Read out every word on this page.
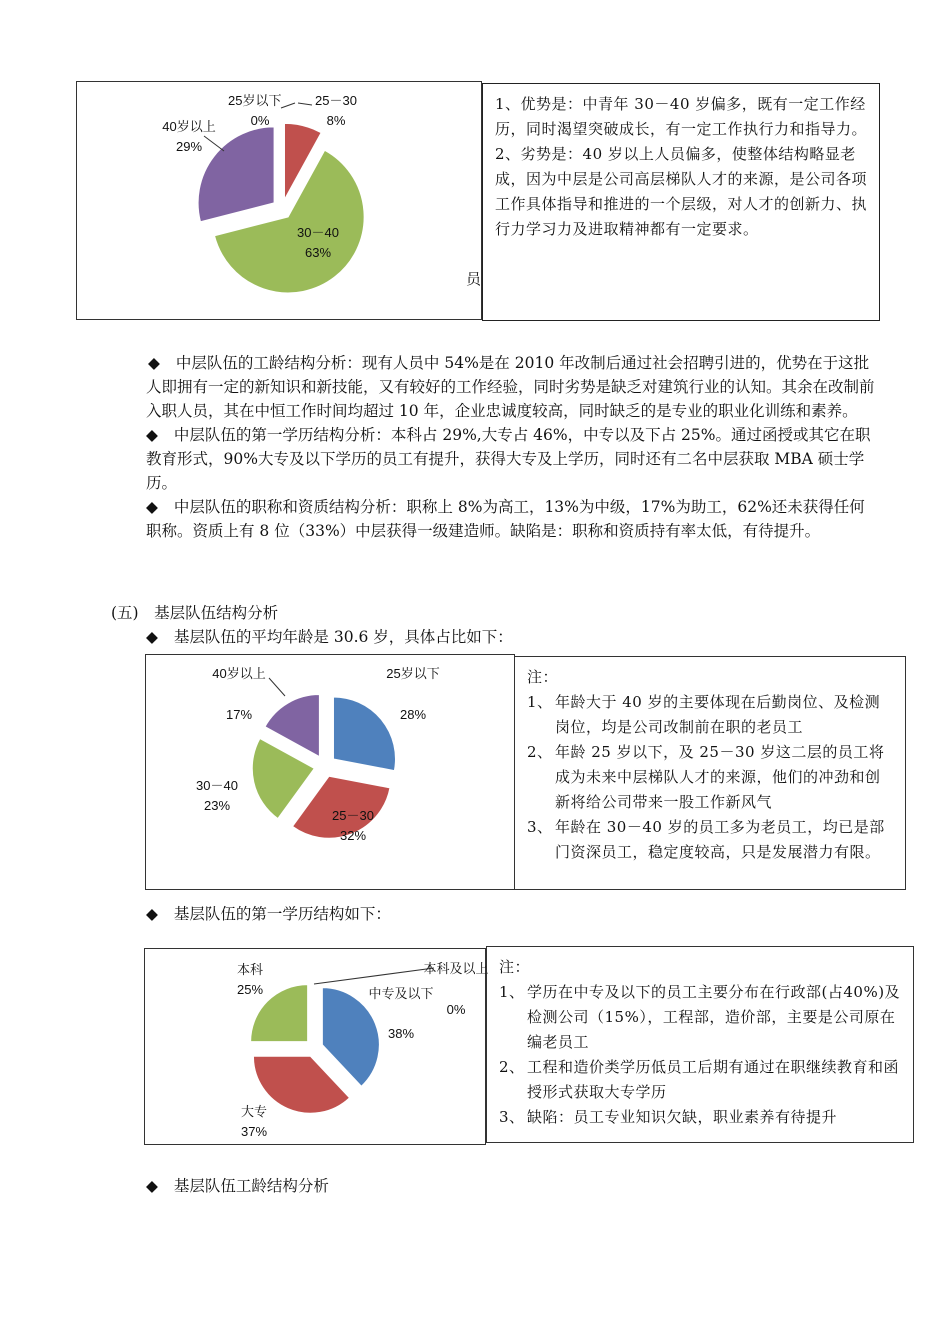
25岁以下
0%
25－30
8%
30－40
63%
40岁以上
29%
员
1、优势是：中青年 30－40 岁偏多，既有一定工作经历，同时渴望突破成长，有一定工作执行力和指导力。
2、劣势是：40 岁以上人员偏多，使整体结构略显老成，因为中层是公司高层梯队人才的来源，是公司各项工作具体指导和推进的一个层级，对人才的创新力、执行力学习力及进取精神都有一定要求。
◆ 中层队伍的工龄结构分析：现有人员中 54%是在 2010 年改制后通过社会招聘引进的，优势在于这批人即拥有一定的新知识和新技能，又有较好的工作经验，同时劣势是缺乏对建筑行业的认知。其余在改制前入职人员，其在中恒工作时间均超过 10 年，企业忠诚度较高，同时缺乏的是专业的职业化训练和素养。
◆ 中层队伍的第一学历结构分析：本科占 29%,大专占 46%，中专以及下占 25%。通过函授或其它在职教育形式，90%大专及以下学历的员工有提升，获得大专及上学历，同时还有二名中层获取 MBA 硕士学历。
◆ 中层队伍的职称和资质结构分析：职称上 8%为高工，13%为中级，17%为助工，62%还未获得任何职称。资质上有 8 位（33%）中层获得一级建造师。缺陷是：职称和资质持有率太低，有待提升。
(五)　基层队伍结构分析
◆ 基层队伍的平均年龄是 30.6 岁，具体占比如下：
25岁以下
28%
25－30
32%
30－40
23%
40岁以上
17%
注：
1、 年龄大于 40 岁的主要体现在后勤岗位、及检测岗位，均是公司改制前在职的老员工
2、 年龄 25 岁以下，及 25－30 岁这二层的员工将成为未来中层梯队人才的来源，他们的冲劲和创新将给公司带来一股工作新风气
3、 年龄在 30－40 岁的员工多为老员工，均已是部门资深员工，稳定度较高，只是发展潜力有限。
◆ 基层队伍的第一学历结构如下：
本科及以上
0%
中专及以下
38%
大专
37%
本科
25%
注：
1、 学历在中专及以下的员工主要分布在行政部(占40%)及检测公司（15%），工程部，造价部，主要是公司原在编老员工
2、 工程和造价类学历低员工后期有通过在职继续教育和函授形式获取大专学历
3、 缺陷：员工专业知识欠缺，职业素养有待提升
◆ 基层队伍工龄结构分析
